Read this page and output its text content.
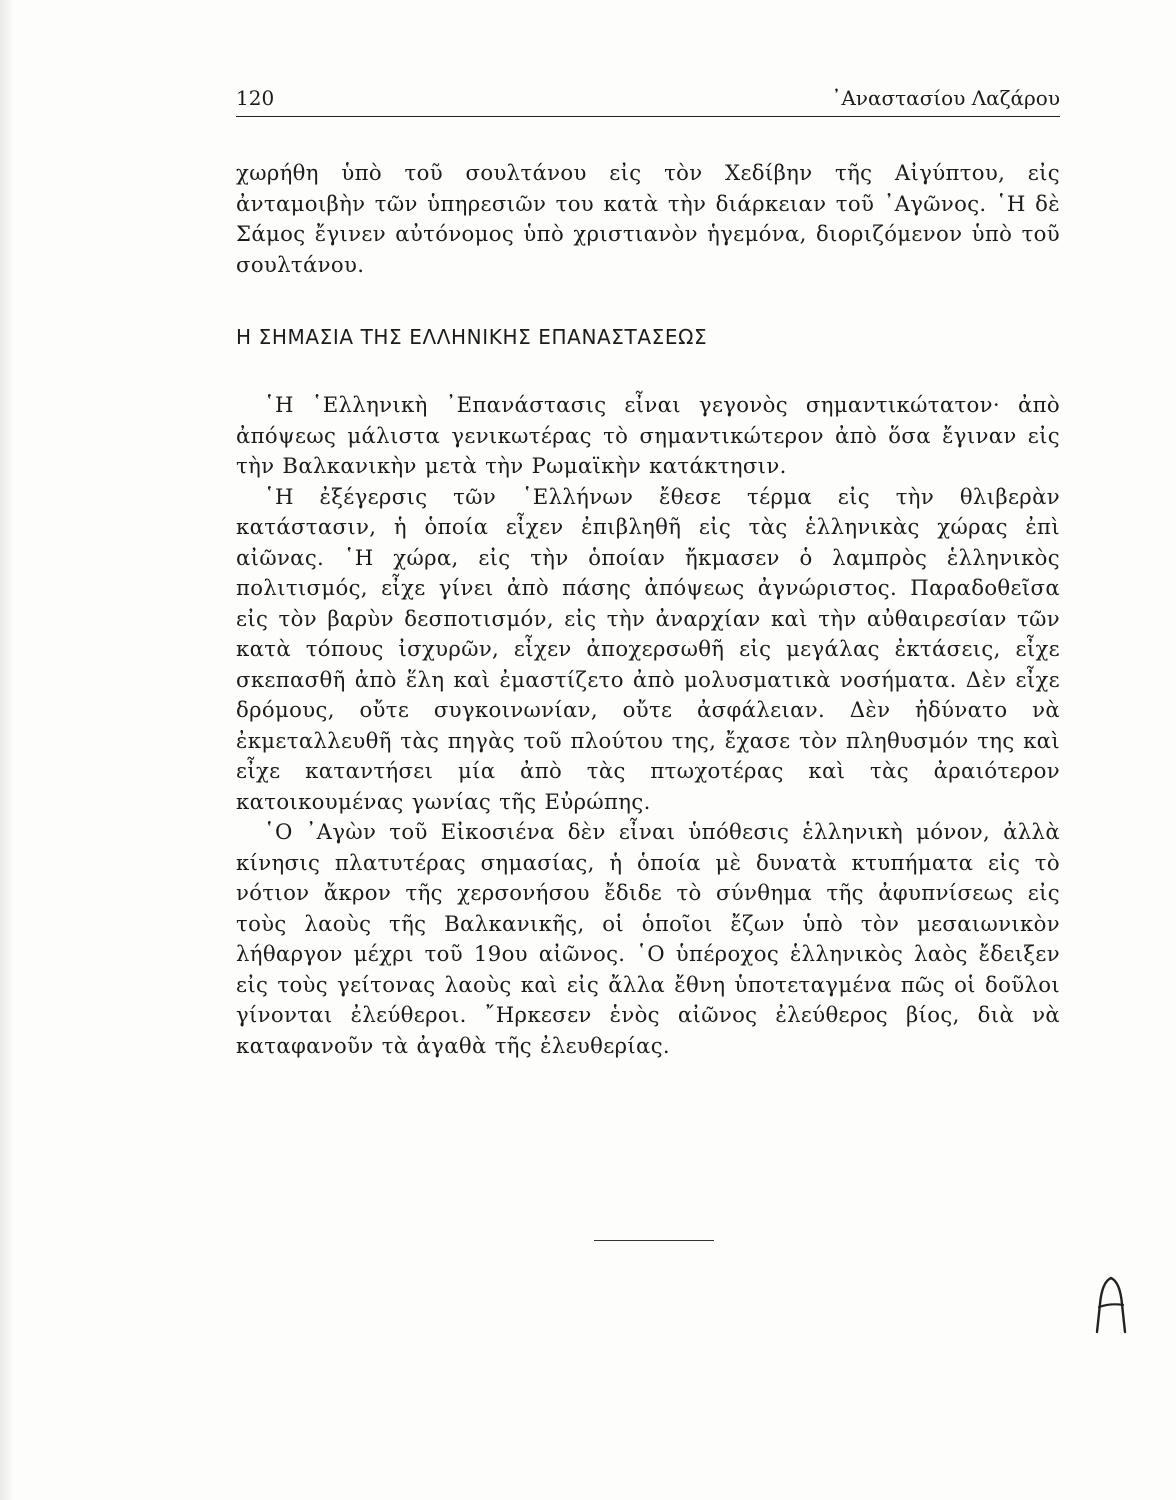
120	᾿Αναστασίου Λαζάρου

χωρήθη ὑπὸ τοῦ σουλτάνου εἰς τὸν Χεδίβην τῆς Αἰγύπτου, εἰς ἀνταμοιβὴν τῶν ὑπηρεσιῶν του κατὰ τὴν διάρκειαν τοῦ ᾿Αγῶνος. ῾Η δὲ Σάμος ἔγινεν αὐτόνομος ὑπὸ χριστιανὸν ἡγεμόνα, διοριζόμενον ὑπὸ τοῦ σουλτάνου.

Η ΣΗΜΑΣΙΑ ΤΗΣ ΕΛΛΗΝΙΚΗΣ ΕΠΑΝΑΣΤΑΣΕΩΣ

῾Η ῾Ελληνικὴ ᾿Επανάστασις εἶναι γεγονὸς σημαντικώτατον· ἀπὸ ἀπόψεως μάλιστα γενικωτέρας τὸ σημαντικώτερον ἀπὸ ὅσα ἔγιναν εἰς τὴν Βαλκανικὴν μετὰ τὴν Ρωμαϊκὴν κατάκτησιν.

῾Η ἐξέγερσις τῶν ῾Ελλήνων ἔθεσε τέρμα εἰς τὴν θλιβερὰν κατάστασιν, ἡ ὁποία εἶχεν ἐπιβληθῆ εἰς τὰς ἑλληνικὰς χώρας ἐπὶ αἰῶνας. ῾Η χώρα, εἰς τὴν ὁποίαν ἤκμασεν ὁ λαμπρὸς ἑλληνικὸς πολιτισμός, εἶχε γίνει ἀπὸ πάσης ἀπόψεως ἀγνώριστος. Παραδοθεῖσα εἰς τὸν βαρὺν δεσποτισμόν, εἰς τὴν ἀναρχίαν καὶ τὴν αὐθαιρεσίαν τῶν κατὰ τόπους ἰσχυρῶν, εἶχεν ἀποχερσωθῆ εἰς μεγάλας ἐκτάσεις, εἶχε σκεπασθῆ ἀπὸ ἕλη καὶ ἐμαστίζετο ἀπὸ μολυσματικὰ νοσήματα. Δὲν εἶχε δρόμους, οὔτε συγκοινωνίαν, οὔτε ἀσφάλειαν. Δὲν ἠδύνατο νὰ ἐκμεταλλευθῆ τὰς πηγὰς τοῦ πλούτου της, ἔχασε τὸν πληθυσμόν της καὶ εἶχε καταντήσει μία ἀπὸ τὰς πτωχοτέρας καὶ τὰς ἀραιότερον κατοικουμένας γωνίας τῆς Εὐρώπης.

῾Ο ᾿Αγὼν τοῦ Εἰκοσιένα δὲν εἶναι ὑπόθεσις ἑλληνικὴ μόνον, ἀλλὰ κίνησις πλατυτέρας σημασίας, ἡ ὁποία μὲ δυνατὰ κτυπήματα εἰς τὸ νότιον ἄκρον τῆς χερσονήσου ἔδιδε τὸ σύνθημα τῆς ἀφυπνίσεως εἰς τοὺς λαοὺς τῆς Βαλκανικῆς, οἱ ὁποῖοι ἔζων ὑπὸ τὸν μεσαιωνικὸν λήθαργον μέχρι τοῦ 19ου αἰῶνος. ῾Ο ὑπέροχος ἑλληνικὸς λαὸς ἔδειξεν εἰς τοὺς γείτονας λαοὺς καὶ εἰς ἄλλα ἔθνη ὑποτεταγμένα πῶς οἱ δοῦλοι γίνονται ἐλεύθεροι. ῎Ηρκεσεν ἑνὸς αἰῶνος ἐλεύθερος βίος, διὰ νὰ καταφανοῦν τὰ ἀγαθὰ τῆς ἐλευθερίας.
